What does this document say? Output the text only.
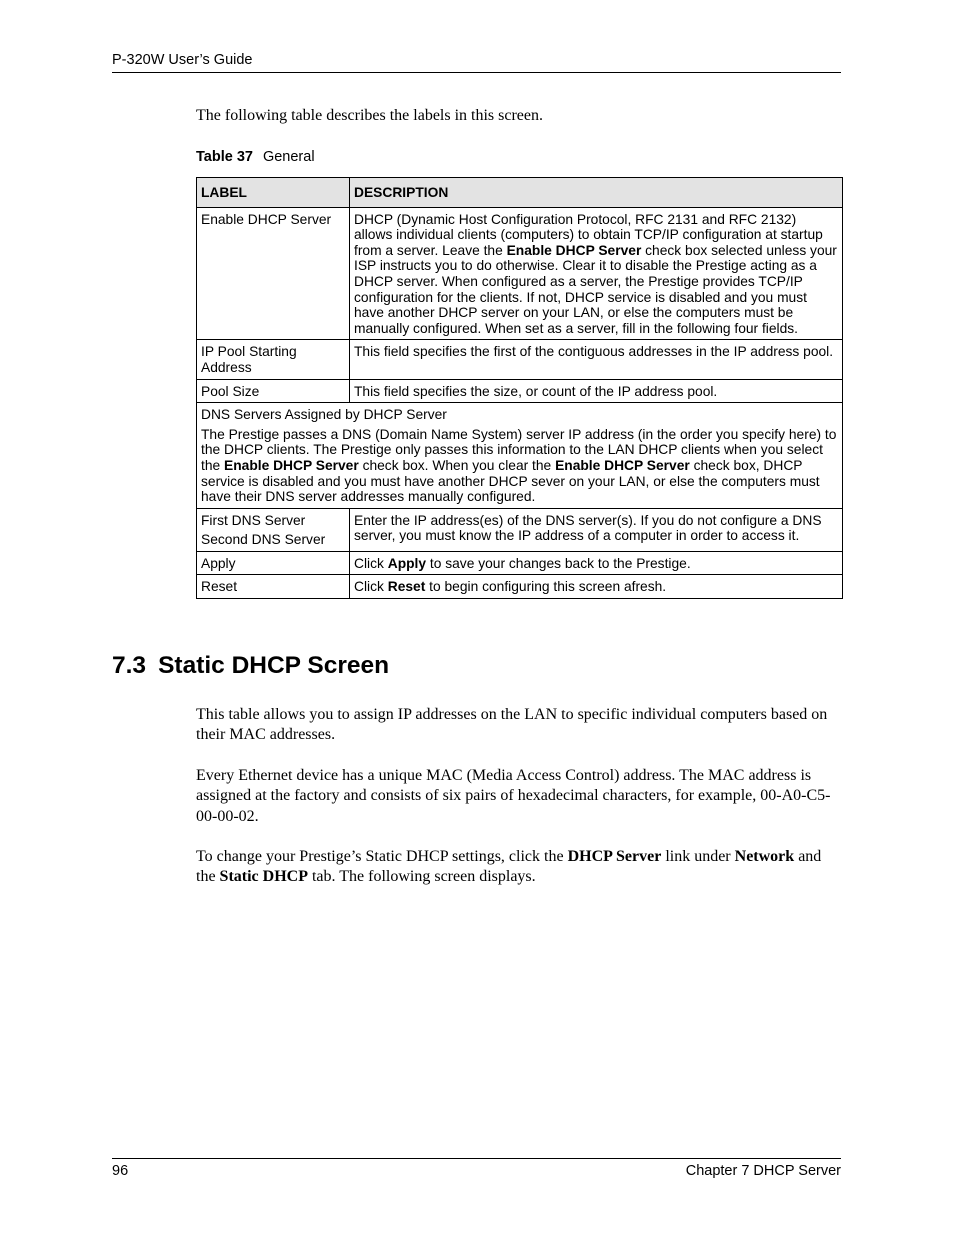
P-320W User’s Guide
The following table describes the labels in this screen.
Table 37 General
LABEL	DESCRIPTION
Enable DHCP Server	DHCP (Dynamic Host Configuration Protocol, RFC 2131 and RFC 2132) allows individual clients (computers) to obtain TCP/IP configuration at startup from a server. Leave the Enable DHCP Server check box selected unless your ISP instructs you to do otherwise. Clear it to disable the Prestige acting as a DHCP server. When configured as a server, the Prestige provides TCP/IP configuration for the clients. If not, DHCP service is disabled and you must have another DHCP server on your LAN, or else the computers must be manually configured. When set as a server, fill in the following four fields.
IP Pool Starting Address	This field specifies the first of the contiguous addresses in the IP address pool.
Pool Size	This field specifies the size, or count of the IP address pool.

DNS Servers Assigned by DHCP Server

The Prestige passes a DNS (Domain Name System) server IP address (in the order you specify here) to the DHCP clients. The Prestige only passes this information to the LAN DHCP clients when you select the Enable DHCP Server check box. When you clear the Enable DHCP Server check box, DHCP service is disabled and you must have another DHCP sever on your LAN, or else the computers must have their DNS server addresses manually configured.	

First DNS Server

Second DNS Server	Enter the IP address(es) of the DNS server(s). If you do not configure a DNS server, you must know the IP address of a computer in order to access it.
Apply	Click Apply to save your changes back to the Prestige.
Reset	Click Reset to begin configuring this screen afresh.
7.3 Static DHCP Screen

This table allows you to assign IP addresses on the LAN to specific individual computers based on their MAC addresses.

Every Ethernet device has a unique MAC (Media Access Control) address. The MAC address is assigned at the factory and consists of six pairs of hexadecimal characters, for example, 00-A0-C5-00-00-02.

To change your Prestige’s Static DHCP settings, click the DHCP Server link under Network and the Static DHCP tab. The following screen displays.

96	Chapter 7 DHCP Server
